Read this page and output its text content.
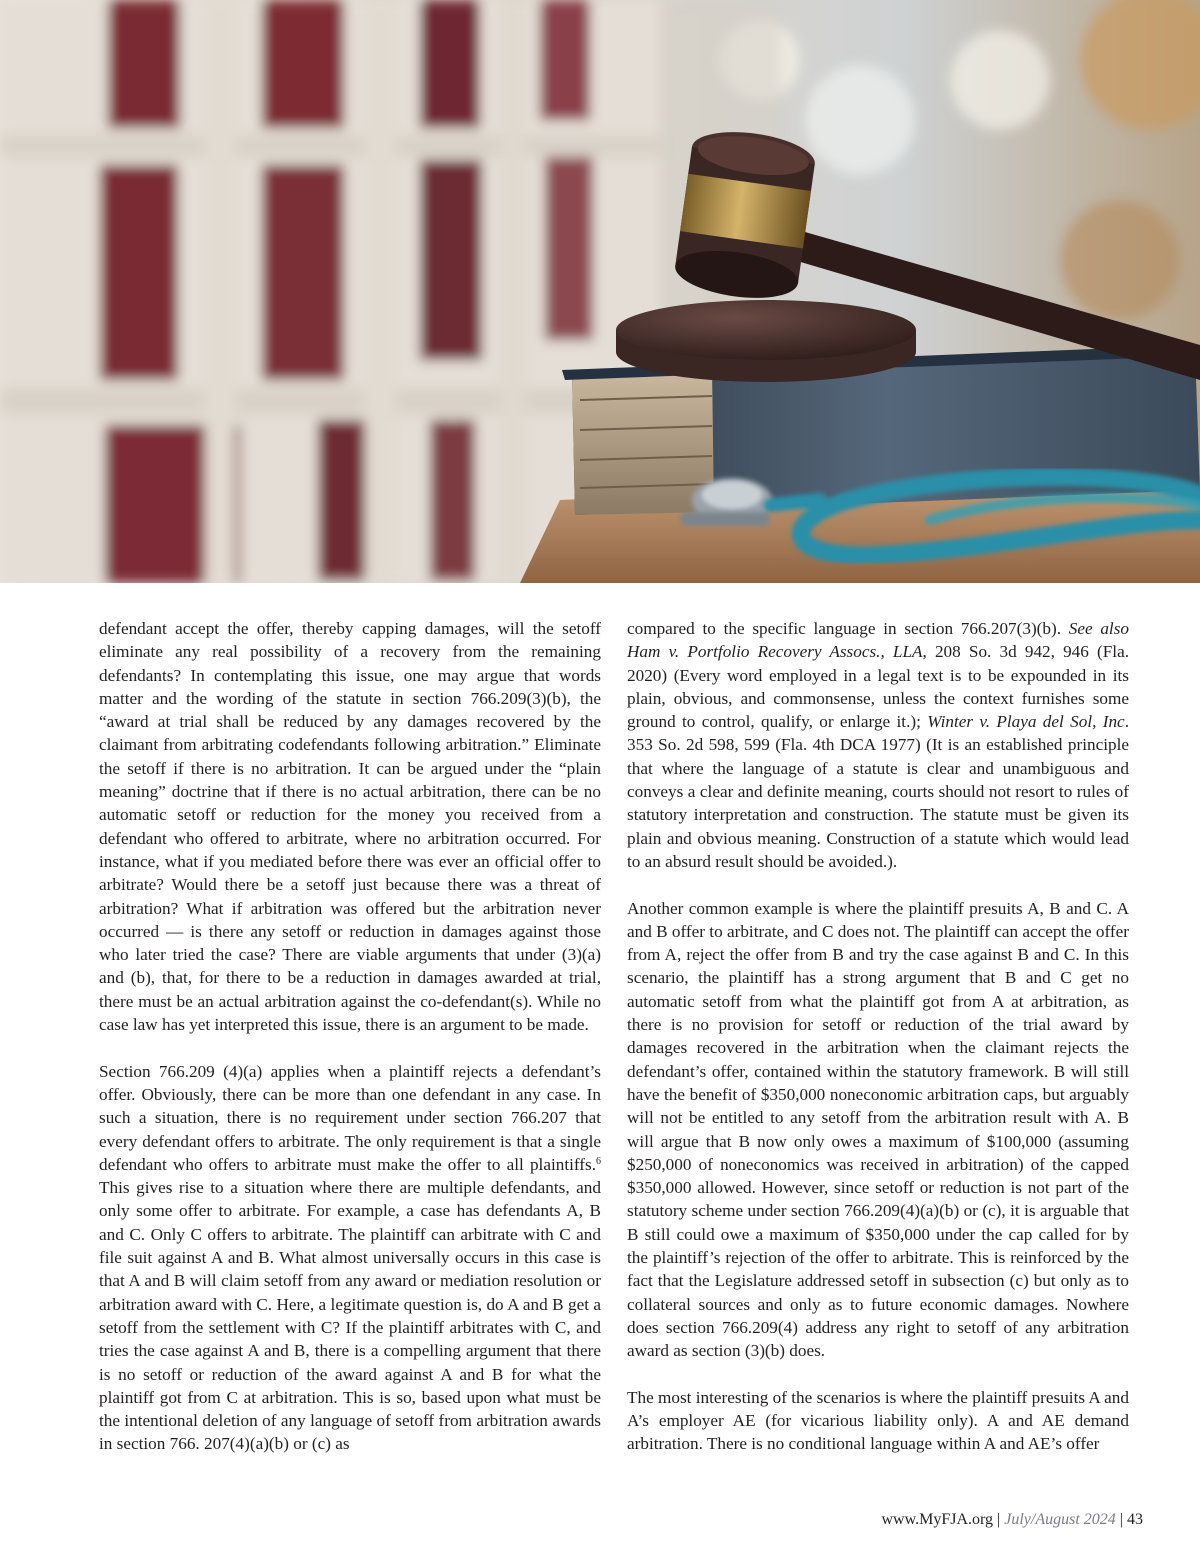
defendant accept the offer, thereby capping damages, will the setoff eliminate any real possibility of a recovery from the remaining defendants? In contemplating this issue, one may argue that words matter and the wording of the statute in section 766.209(3)(b), the “award at trial shall be reduced by any damages recovered by the claimant from arbitrating codefendants following arbitration.” Eliminate the setoff if there is no arbitration. It can be argued under the “plain meaning” doctrine that if there is no actual arbitration, there can be no automatic setoff or reduction for the money you received from a defendant who offered to arbitrate, where no arbitration occurred. For instance, what if you mediated before there was ever an official offer to arbitrate? Would there be a setoff just because there was a threat of arbitration? What if arbitration was offered but the arbitration never occurred — is there any setoff or reduction in damages against those who later tried the case? There are viable arguments that under (3)(a) and (b), that, for there to be a reduction in damages awarded at trial, there must be an actual arbitration against the co-defendant(s). While no case law has yet interpreted this issue, there is an argument to be made.

Section 766.209 (4)(a) applies when a plaintiff rejects a defendant’s offer. Obviously, there can be more than one defendant in any case. In such a situation, there is no requirement under section 766.207 that every defendant offers to arbitrate. The only requirement is that a single defendant who offers to arbitrate must make the offer to all plaintiffs.$^6$ This gives rise to a situation where there are multiple defendants, and only some offer to arbitrate. For example, a case has defendants A, B and C. Only C offers to arbitrate. The plaintiff can arbitrate with C and file suit against A and B. What almost universally occurs in this case is that A and B will claim setoff from any award or mediation resolution or arbitration award with C. Here, a legitimate question is, do A and B get a setoff from the settlement with C? If the plaintiff arbitrates with C, and tries the case against A and B, there is a compelling argument that there is no setoff or reduction of the award against A and B for what the plaintiff got from C at arbitration. This is so, based upon what must be the intentional deletion of any language of setoff from arbitration awards in section 766. 207(4)(a)(b) or (c) as

compared to the specific language in section 766.207(3)(b). See also Ham v. Portfolio Recovery Assocs., LLA, 208 So. 3d 942, 946 (Fla. 2020) (Every word employed in a legal text is to be expounded in its plain, obvious, and commonsense, unless the context furnishes some ground to control, qualify, or enlarge it.); Winter v. Playa del Sol, Inc. 353 So. 2d 598, 599 (Fla. 4th DCA 1977) (It is an established principle that where the language of a statute is clear and unambiguous and conveys a clear and definite meaning, courts should not resort to rules of statutory interpretation and construction. The statute must be given its plain and obvious meaning. Construction of a statute which would lead to an absurd result should be avoided.).

Another common example is where the plaintiff presuits A, B and C. A and B offer to arbitrate, and C does not. The plaintiff can accept the offer from A, reject the offer from B and try the case against B and C. In this scenario, the plaintiff has a strong argument that B and C get no automatic setoff from what the plaintiff got from A at arbitration, as there is no provision for setoff or reduction of the trial award by damages recovered in the arbitration when the claimant rejects the defendant’s offer, contained within the statutory framework. B will still have the benefit of $350,000 noneconomic arbitration caps, but arguably will not be entitled to any setoff from the arbitration result with A. B will argue that B now only owes a maximum of $100,000 (assuming $250,000 of noneconomics was received in arbitration) of the capped $350,000 allowed. However, since setoff or reduction is not part of the statutory scheme under section 766.209(4)(a)(b) or (c), it is arguable that B still could owe a maximum of $350,000 under the cap called for by the plaintiff’s rejection of the offer to arbitrate. This is reinforced by the fact that the Legislature addressed setoff in subsection (c) but only as to collateral sources and only as to future economic damages. Nowhere does section 766.209(4) address any right to setoff of any arbitration award as section (3)(b) does.

The most interesting of the scenarios is where the plaintiff presuits A and A’s employer AE (for vicarious liability only). A and AE demand arbitration. There is no conditional language within A and AE’s offer

www.MyFJA.org | July/August 2024 | 43
